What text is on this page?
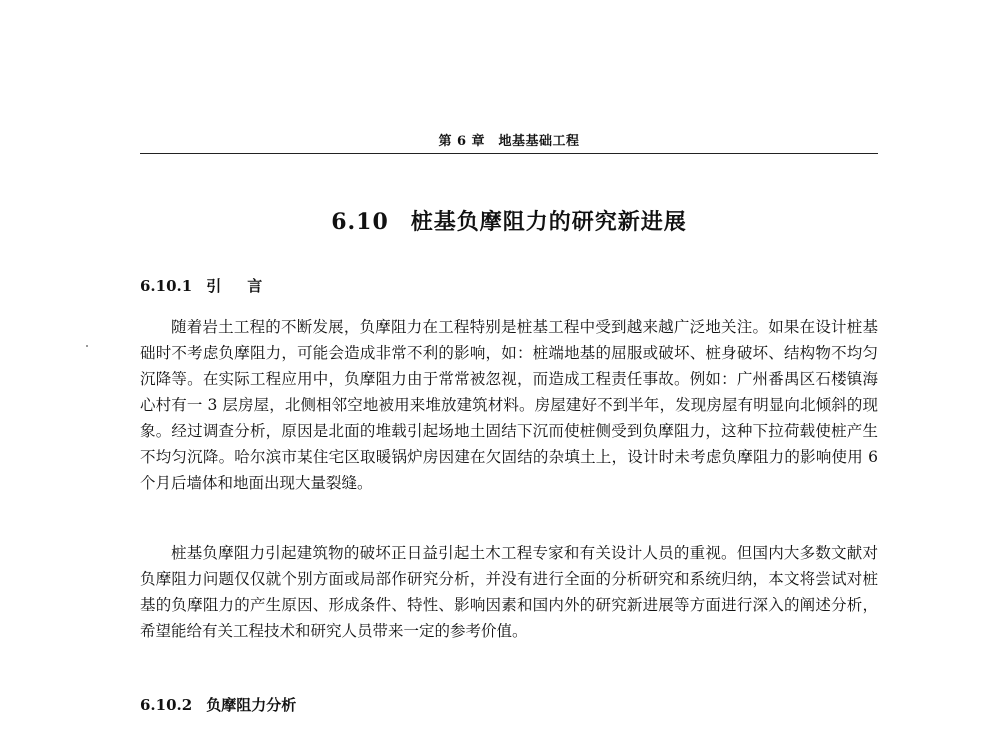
第 6 章　地基基础工程
6.10 桩基负摩阻力的研究新进展
6.10.1 引言

随着岩土工程的不断发展，负摩阻力在工程特别是桩基工程中受到越来越广泛地关注。如果在设计桩基础时不考虑负摩阻力，可能会造成非常不利的影响，如：桩端地基的屈服或破坏、桩身破坏、结构物不均匀沉降等。在实际工程应用中，负摩阻力由于常常被忽视，而造成工程责任事故。例如：广州番禺区石楼镇海心村有一 3 层房屋，北侧相邻空地被用来堆放建筑材料。房屋建好不到半年，发现房屋有明显向北倾斜的现象。经过调查分析，原因是北面的堆载引起场地土固结下沉而使桩侧受到负摩阻力，这种下拉荷载使桩产生不均匀沉降。哈尔滨市某住宅区取暖锅炉房因建在欠固结的杂填土上，设计时未考虑负摩阻力的影响使用 6 个月后墙体和地面出现大量裂缝。

桩基负摩阻力引起建筑物的破坏正日益引起土木工程专家和有关设计人员的重视。但国内大多数文献对负摩阻力问题仅仅就个别方面或局部作研究分析，并没有进行全面的分析研究和系统归纳，本文将尝试对桩基的负摩阻力的产生原因、形成条件、特性、影响因素和国内外的研究新进展等方面进行深入的阐述分析，希望能给有关工程技术和研究人员带来一定的参考价值。

6.10.2 负摩阻力分析
